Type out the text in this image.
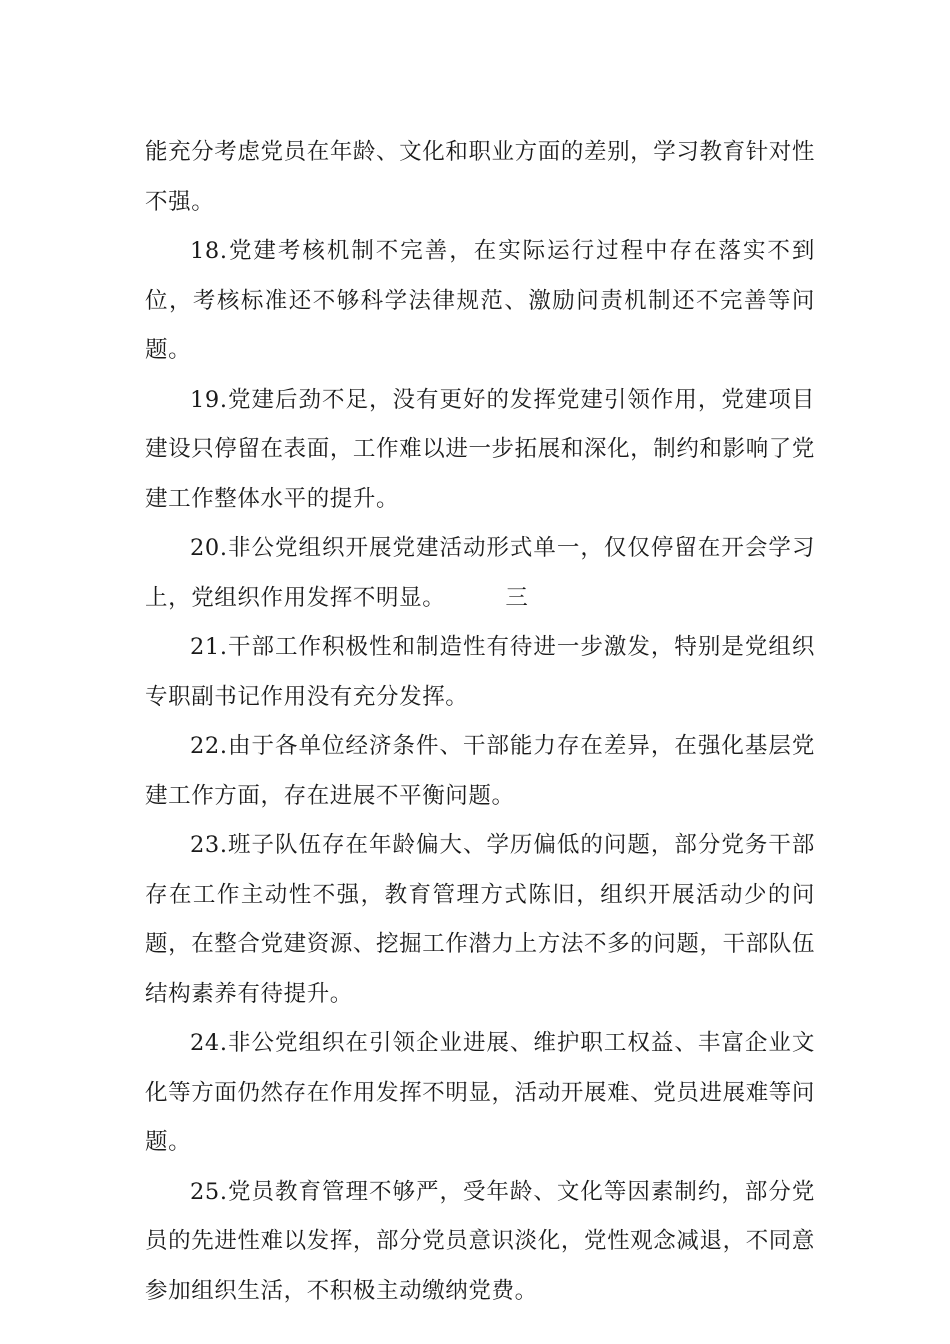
能充分考虑党员在年龄、文化和职业方面的差别，学习教育针对性不强。

18.党建考核机制不完善，在实际运行过程中存在落实不到位，考核标准还不够科学法律规范、激励问责机制还不完善等问题。

19.党建后劲不足，没有更好的发挥党建引领作用，党建项目建设只停留在表面，工作难以进一步拓展和深化，制约和影响了党建工作整体水平的提升。

20.非公党组织开展党建活动形式单一，仅仅停留在开会学习上，党组织作用发挥不明显。	三

21.干部工作积极性和制造性有待进一步激发，特别是党组织专职副书记作用没有充分发挥。

22.由于各单位经济条件、干部能力存在差异，在强化基层党建工作方面，存在进展不平衡问题。

23.班子队伍存在年龄偏大、学历偏低的问题，部分党务干部存在工作主动性不强，教育管理方式陈旧，组织开展活动少的问题，在整合党建资源、挖掘工作潜力上方法不多的问题，干部队伍结构素养有待提升。

24.非公党组织在引领企业进展、维护职工权益、丰富企业文化等方面仍然存在作用发挥不明显，活动开展难、党员进展难等问题。

25.党员教育管理不够严，受年龄、文化等因素制约，部分党员的先进性难以发挥，部分党员意识淡化，党性观念减退，不同意参加组织生活，不积极主动缴纳党费。
